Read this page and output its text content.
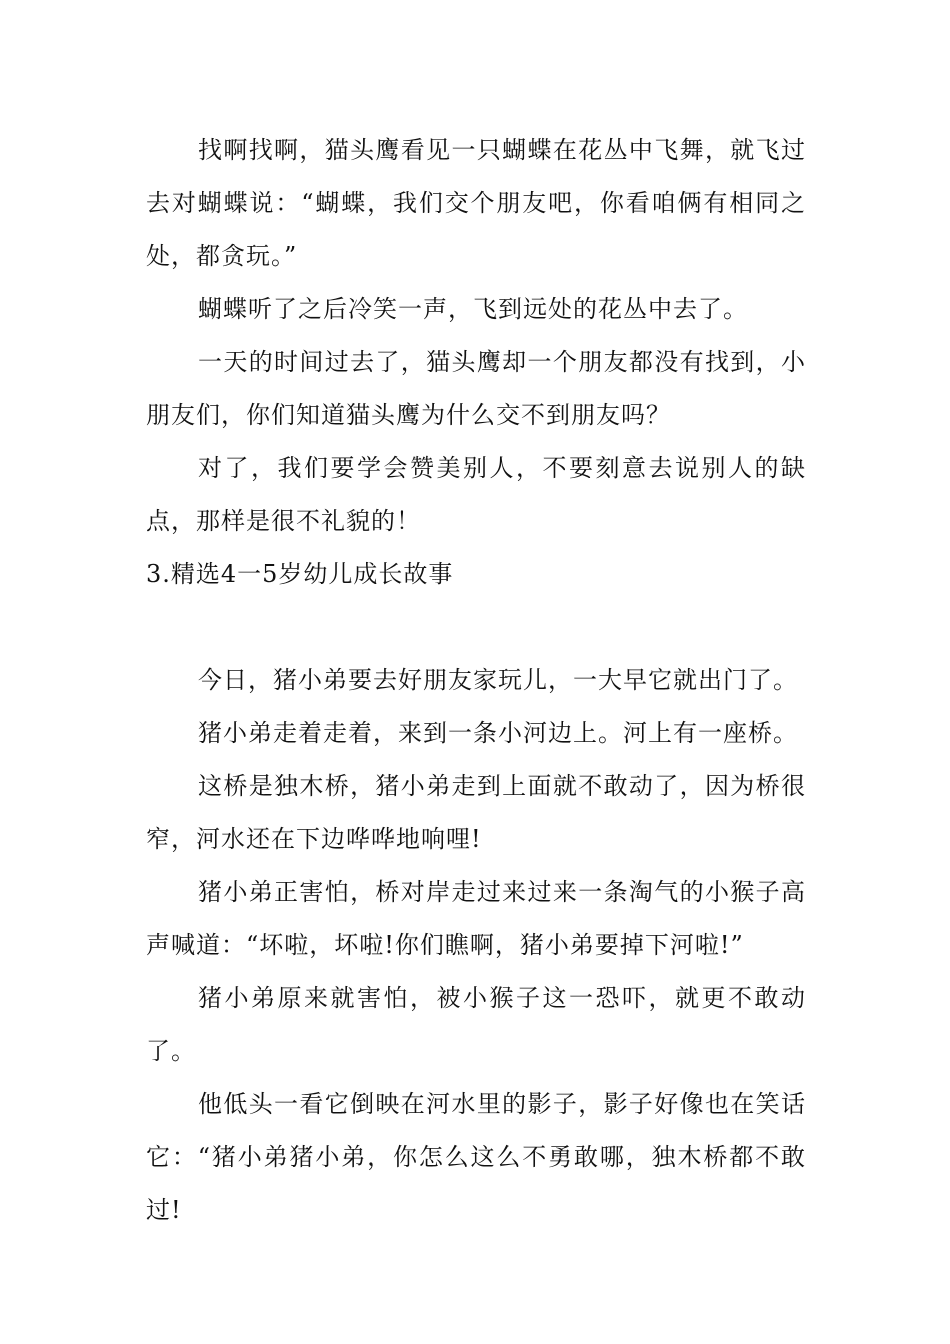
找啊找啊，猫头鹰看见一只蝴蝶在花丛中飞舞，就飞过去对蝴蝶说：“蝴蝶，我们交个朋友吧，你看咱俩有相同之处，都贪玩。”

蝴蝶听了之后冷笑一声，飞到远处的花丛中去了。

一天的时间过去了，猫头鹰却一个朋友都没有找到，小朋友们，你们知道猫头鹰为什么交不到朋友吗？

对了，我们要学会赞美别人，不要刻意去说别人的缺点，那样是很不礼貌的！

3.精选4一5岁幼儿成长故事

今日，猪小弟要去好朋友家玩儿，一大早它就出门了。

猪小弟走着走着，来到一条小河边上。河上有一座桥。

这桥是独木桥，猪小弟走到上面就不敢动了，因为桥很窄，河水还在下边哗哗地响哩!

猪小弟正害怕，桥对岸走过来过来一条淘气的小猴子高声喊道：“坏啦，坏啦!你们瞧啊，猪小弟要掉下河啦!”

猪小弟原来就害怕，被小猴子这一恐吓，就更不敢动了。

他低头一看它倒映在河水里的影子，影子好像也在笑话它：“猪小弟猪小弟，你怎么这么不勇敢哪，独木桥都不敢过!
